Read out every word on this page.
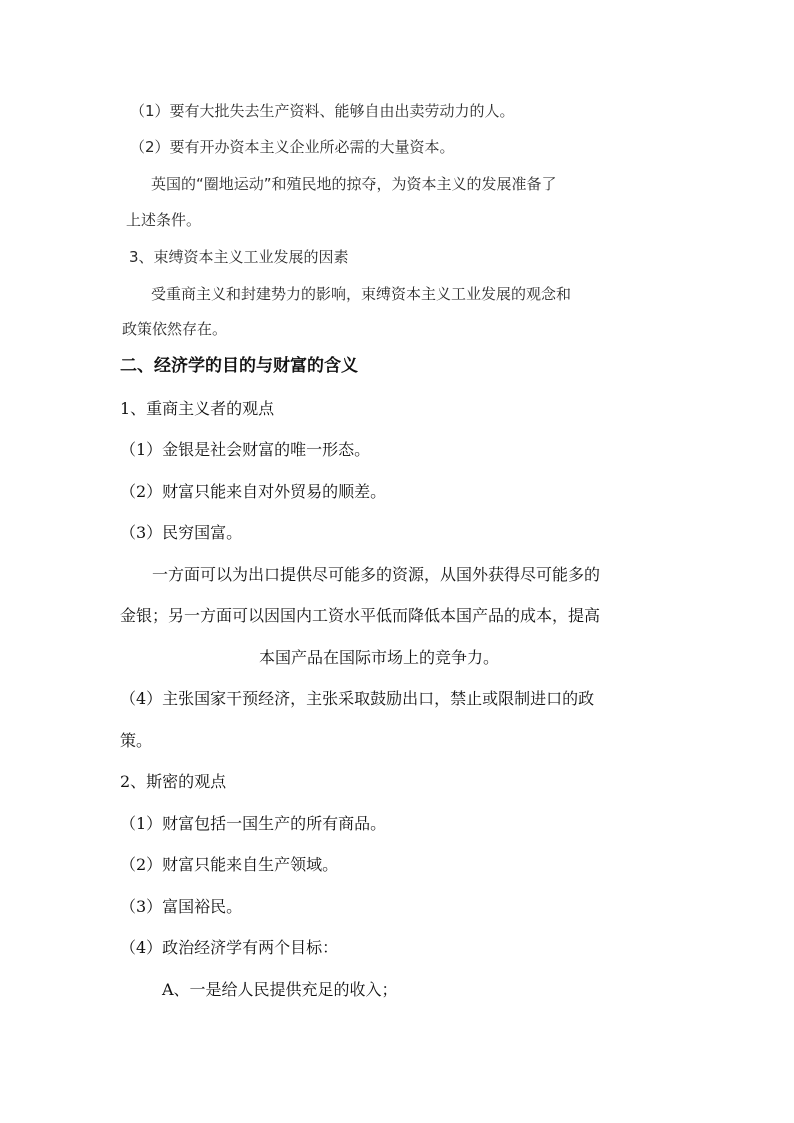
（1）要有大批失去生产资料、能够自由出卖劳动力的人。
（2）要有开办资本主义企业所必需的大量资本。
英国的“圈地运动”和殖民地的掠夺，为资本主义的发展准备了
上述条件。
3、束缚资本主义工业发展的因素
受重商主义和封建势力的影响，束缚资本主义工业发展的观念和
政策依然存在。
二、经济学的目的与财富的含义
1、重商主义者的观点
（1）金银是社会财富的唯一形态。
（2）财富只能来自对外贸易的顺差。
（3）民穷国富。
一方面可以为出口提供尽可能多的资源，从国外获得尽可能多的
金银；另一方面可以因国内工资水平低而降低本国产品的成本，提高
本国产品在国际市场上的竞争力。
（4）主张国家干预经济，主张采取鼓励出口，禁止或限制进口的政
策。
2、斯密的观点
（1）财富包括一国生产的所有商品。
（2）财富只能来自生产领域。
（3）富国裕民。
（4）政治经济学有两个目标：
A、一是给人民提供充足的收入；
